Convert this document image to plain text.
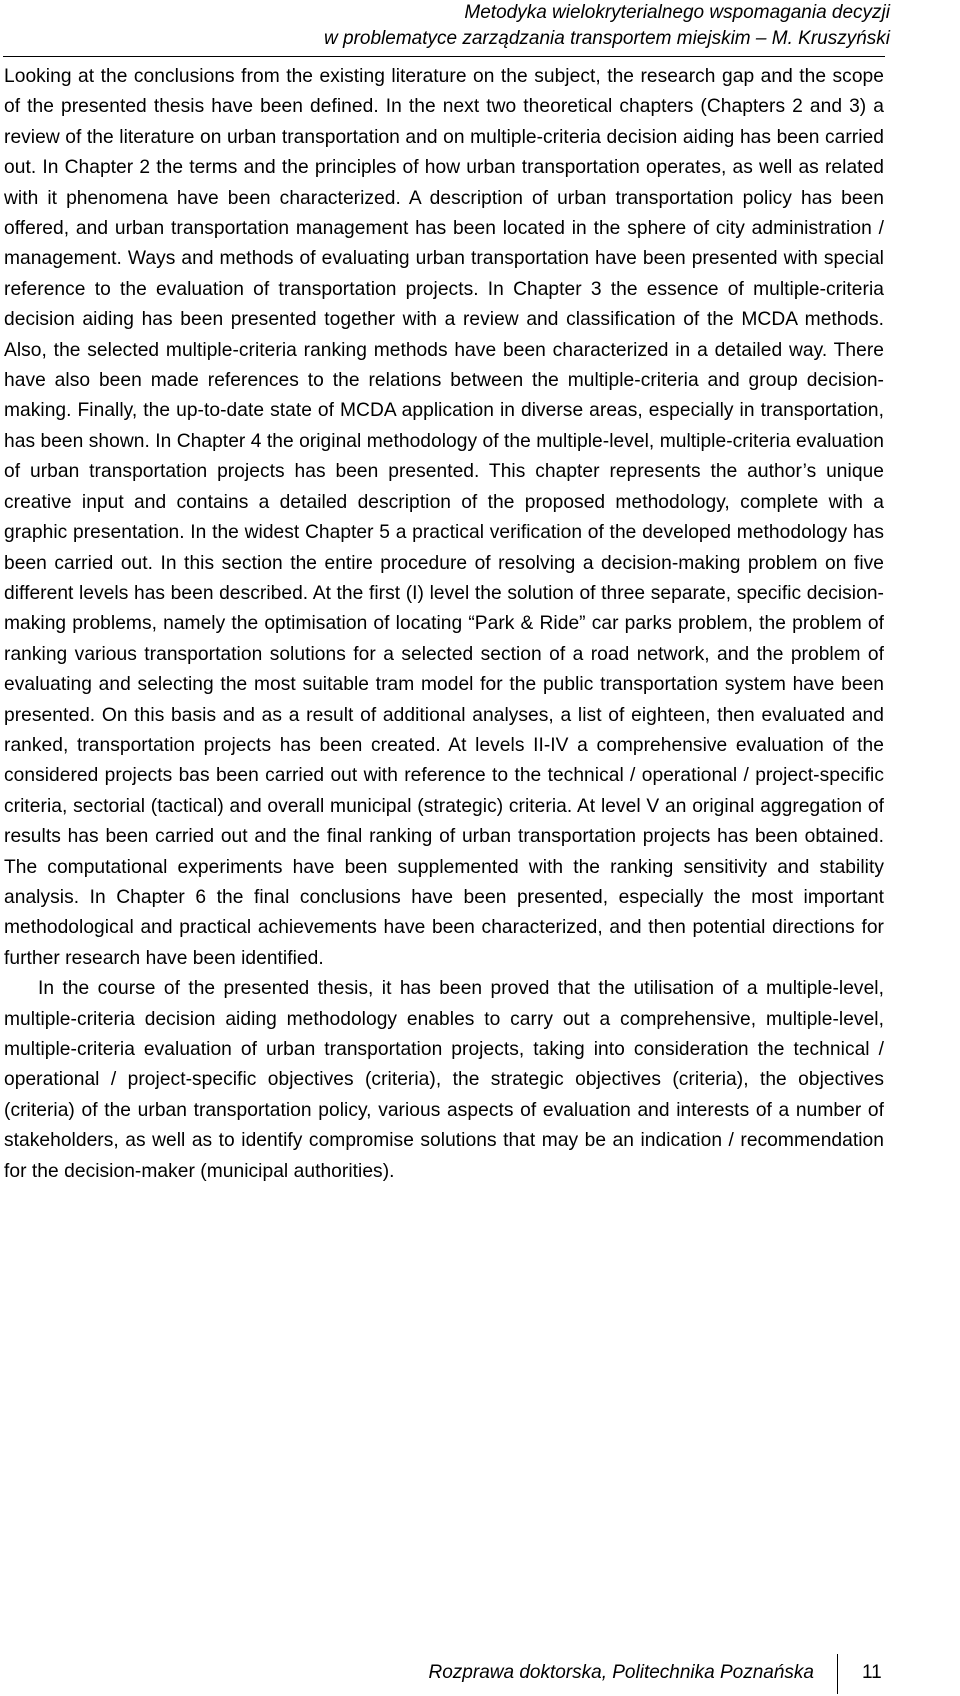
Metodyka wielokryterialnego wspomagania decyzji
w problematyce zarządzania transportem miejskim – M. Kruszyński

Looking at the conclusions from the existing literature on the subject, the research gap and the scope of the presented thesis have been defined. In the next two theoretical chapters (Chapters 2 and 3) a review of the literature on urban transportation and on multiple-criteria decision aiding has been carried out. In Chapter 2 the terms and the principles of how urban transportation operates, as well as related with it phenomena have been characterized. A description of urban transportation policy has been offered, and urban transportation management has been located in the sphere of city administration / management. Ways and methods of evaluating urban transportation have been presented with special reference to the evaluation of transportation projects. In Chapter 3 the essence of multiple-criteria decision aiding has been presented together with a review and classification of the MCDA methods. Also, the selected multiple-criteria ranking methods have been characterized in a detailed way. There have also been made references to the relations between the multiple-criteria and group decision-making. Finally, the up-to-date state of MCDA application in diverse areas, especially in transportation, has been shown. In Chapter 4 the original methodology of the multiple-level, multiple-criteria evaluation of urban transportation projects has been presented. This chapter represents the author’s unique creative input and contains a detailed description of the proposed methodology, complete with a graphic presentation. In the widest Chapter 5 a practical verification of the developed methodology has been carried out. In this section the entire procedure of resolving a decision-making problem on five different levels has been described. At the first (I) level the solution of three separate, specific decision-making problems, namely the optimisation of locating “Park & Ride” car parks problem, the problem of ranking various transportation solutions for a selected section of a road network, and the problem of evaluating and selecting the most suitable tram model for the public transportation system have been presented. On this basis and as a result of additional analyses, a list of eighteen, then evaluated and ranked, transportation projects has been created. At levels II-IV a comprehensive evaluation of the considered projects bas been carried out with reference to the technical / operational / project-specific criteria, sectorial (tactical) and overall municipal (strategic) criteria. At level V an original aggregation of results has been carried out and the final ranking of urban transportation projects has been obtained. The computational experiments have been supplemented with the ranking sensitivity and stability analysis. In Chapter 6 the final conclusions have been presented, especially the most important methodological and practical achievements have been characterized, and then potential directions for further research have been identified.

In the course of the presented thesis, it has been proved that the utilisation of a multiple-level, multiple-criteria decision aiding methodology enables to carry out a comprehensive, multiple-level, multiple-criteria evaluation of urban transportation projects, taking into consideration the technical / operational / project-specific objectives (criteria), the strategic objectives (criteria), the objectives (criteria) of the urban transportation policy, various aspects of evaluation and interests of a number of stakeholders, as well as to identify compromise solutions that may be an indication / recommendation for the decision-maker (municipal authorities).

Rozprawa doktorska, Politechnika Poznańska	11
